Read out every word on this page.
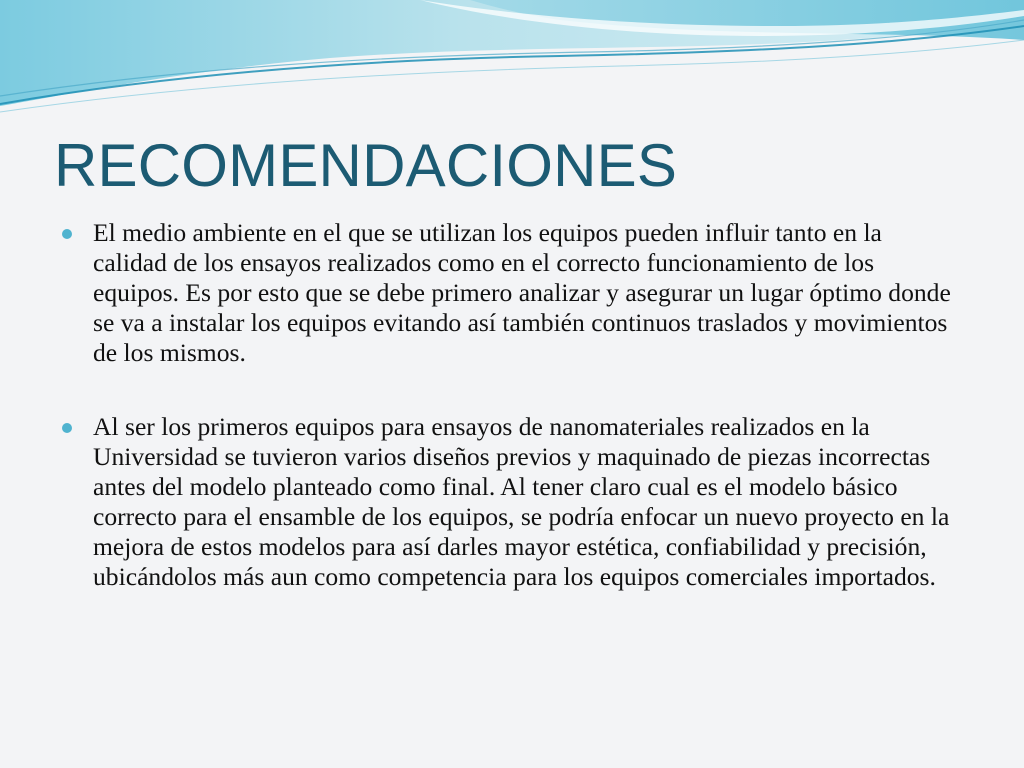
RECOMENDACIONES

El medio ambiente en el que se utilizan los equipos pueden influir tanto en la calidad de los ensayos realizados como en el correcto funcionamiento de los equipos. Es por esto que se debe primero analizar y asegurar un lugar óptimo donde se va a instalar los equipos evitando así también continuos traslados y movimientos de los mismos.

Al ser los primeros equipos para ensayos de nanomateriales realizados en la Universidad se tuvieron varios diseños previos y maquinado de piezas incorrectas antes del modelo planteado como final. Al tener claro cual es el modelo básico correcto para el ensamble de los equipos, se podría enfocar un nuevo proyecto en la mejora de estos modelos para así darles mayor estética, confiabilidad y precisión, ubicándolos más aun como competencia para los equipos comerciales importados.
